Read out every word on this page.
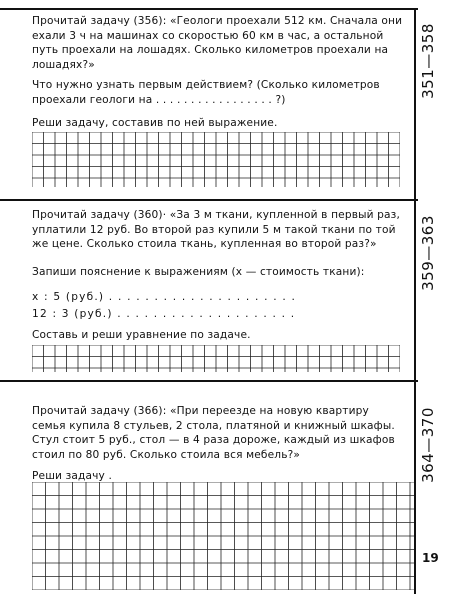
Прочитай задачу (356): «Геологи проехали 512 км. Сначала они ехали 3 ч на машинах со скоростью 60 км в час, а остальной путь проехали на лошадях. Сколько километров проехали на лошадях?»
Что нужно узнать первым действием? (Сколько километров проехали геологи на . . . . . . . . . . . . . . . . . ?)
Реши задачу, составив по ней выражение.
351—358
Прочитай задачу (360)· «За 3 м ткани, купленной в первый раз, уплатили 12 руб. Во второй раз купили 5 м такой ткани по той же цене. Сколько стоила ткань, купленная во второй раз?»
Запиши пояснение к выражениям (x — стоимость ткани):
x : 5 (руб.) . . . . . . . . . . . . . . . . . . . . .
12 : 3 (руб.) . . . . . . . . . . . . . . . . . . . .
Составь и реши уравнение по задаче.
359—363
Прочитай задачу (366): «При переезде на новую квартиру семья купила 8 стульев, 2 стола, платяной и книжный шкафы. Стул стоит 5 руб., стол — в 4 раза дороже, каждый из шкафов стоил по 80 руб. Сколько стоила вся мебель?»
Реши задачу .	364—370
19
